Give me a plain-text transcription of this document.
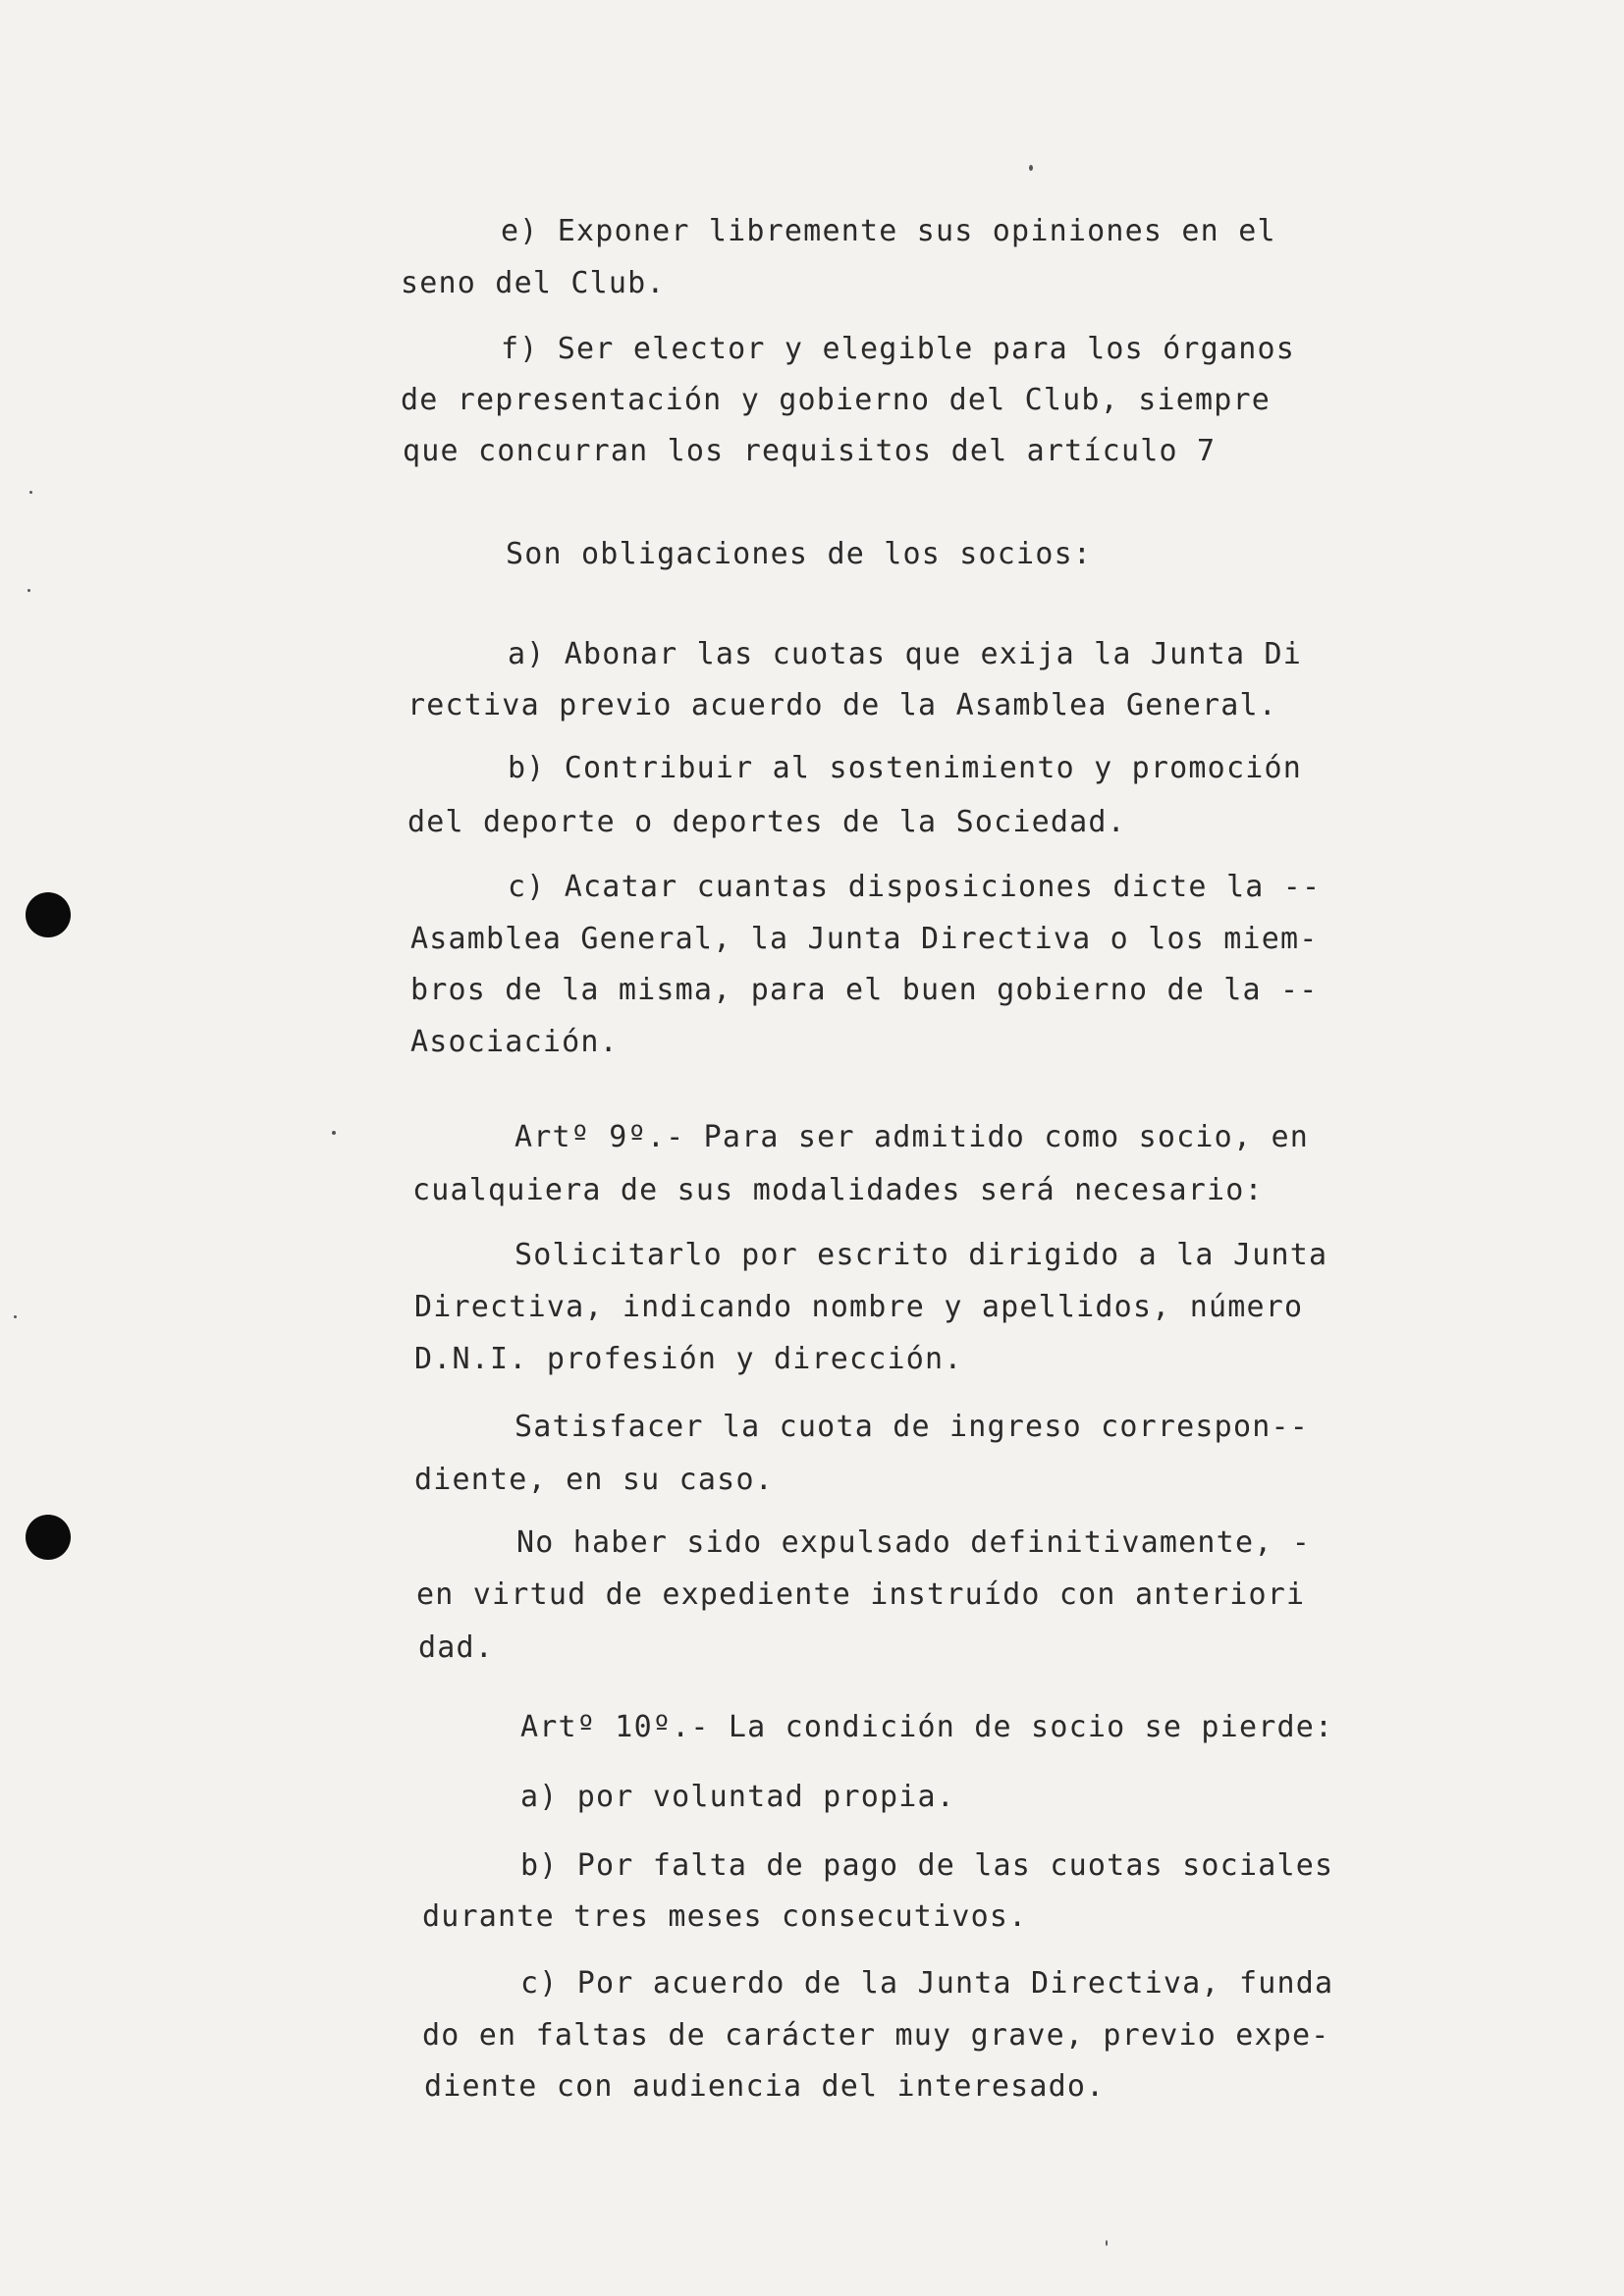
e) Exponer libremente sus opiniones en el
seno del Club.
f) Ser elector y elegible para los órganos
de representación y gobierno del Club, siempre
que concurran los requisitos del artículo 7
Son obligaciones de los socios:
a) Abonar las cuotas que exija la Junta Di
rectiva previo acuerdo de la Asamblea General.
b) Contribuir al sostenimiento y promoción
del deporte o deportes de la Sociedad.
c) Acatar cuantas disposiciones dicte la --
Asamblea General, la Junta Directiva o los miem-
bros de la misma, para el buen gobierno de la --
Asociación.
Artº 9º.- Para ser admitido como socio, en
cualquiera de sus modalidades será necesario:
Solicitarlo por escrito dirigido a la Junta
Directiva, indicando nombre y apellidos, número
D.N.I. profesión y dirección.
Satisfacer la cuota de ingreso correspon--
diente, en su caso.
No haber sido expulsado definitivamente, -
en virtud de expediente instruído con anteriori
dad.
Artº 10º.- La condición de socio se pierde:
a) por voluntad propia.
b) Por falta de pago de las cuotas sociales
durante tres meses consecutivos.
c) Por acuerdo de la Junta Directiva, funda
do en faltas de carácter muy grave, previo expe-
diente con audiencia del interesado.
